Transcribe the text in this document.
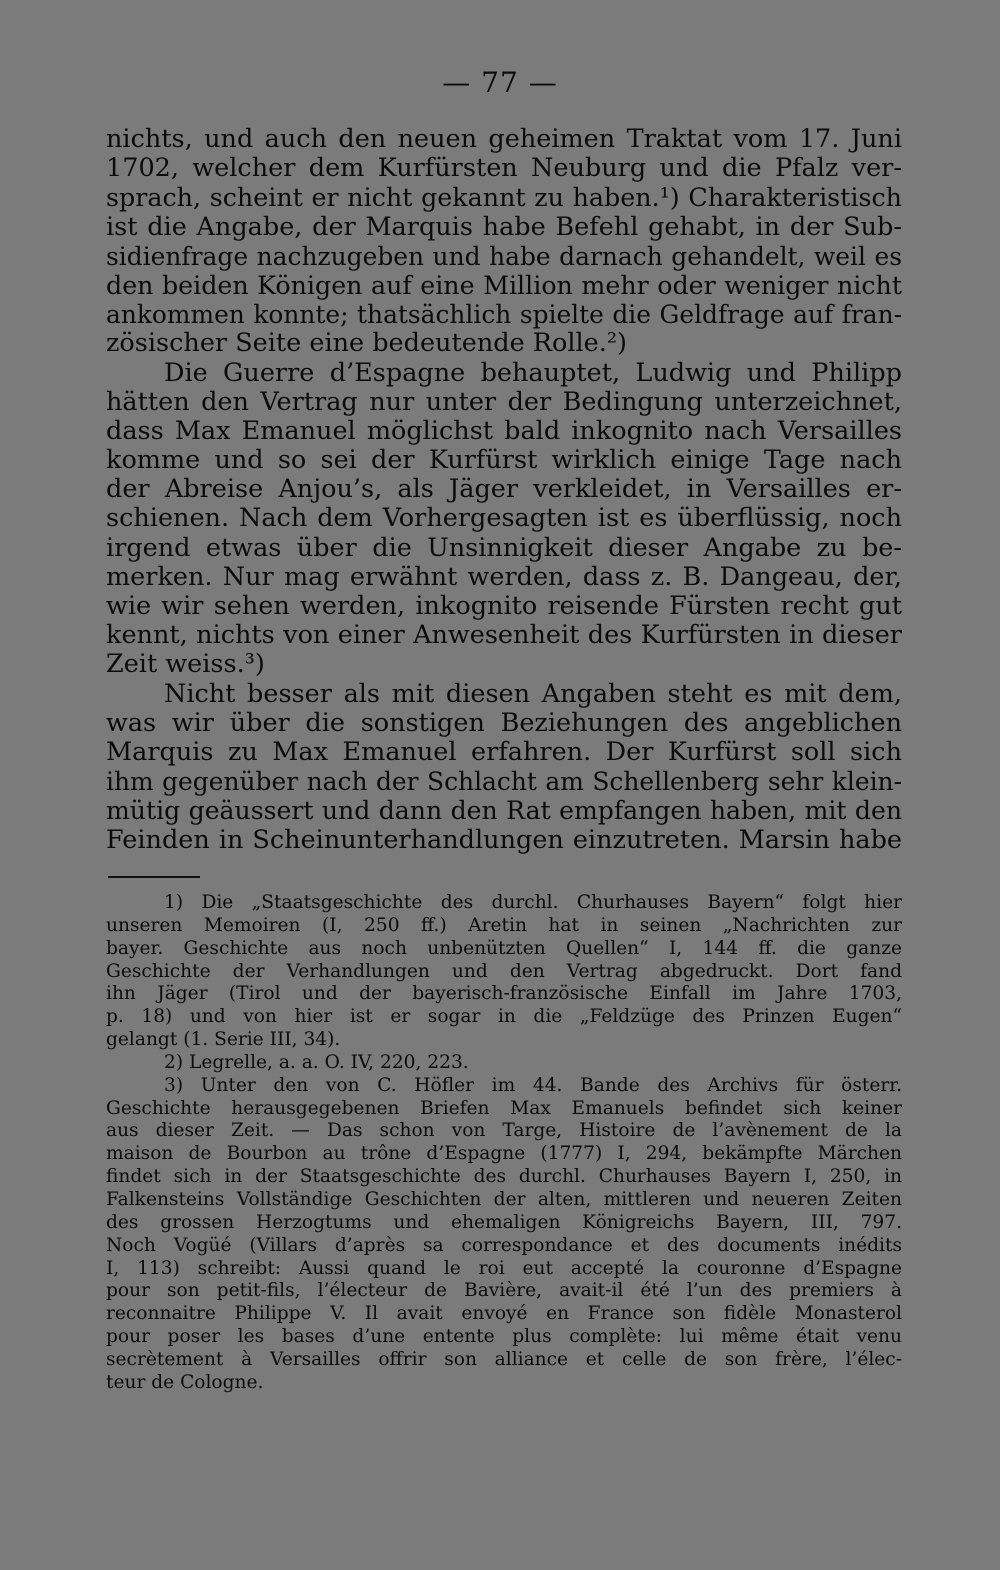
— 77 —
nichts, und auch den neuen geheimen Traktat vom 17. Juni
1702, welcher dem Kurfürsten Neuburg und die Pfalz ver-
sprach, scheint er nicht gekannt zu haben.¹) Charakteristisch
ist die Angabe, der Marquis habe Befehl gehabt, in der Sub-
sidienfrage nachzugeben und habe darnach gehandelt, weil es
den beiden Königen auf eine Million mehr oder weniger nicht
ankommen konnte; thatsächlich spielte die Geldfrage auf fran-
zösischer Seite eine bedeutende Rolle.²)
Die Guerre d’Espagne behauptet, Ludwig und Philipp
hätten den Vertrag nur unter der Bedingung unterzeichnet,
dass Max Emanuel möglichst bald inkognito nach Versailles
komme und so sei der Kurfürst wirklich einige Tage nach
der Abreise Anjou’s, als Jäger verkleidet, in Versailles er-
schienen. Nach dem Vorhergesagten ist es überflüssig, noch
irgend etwas über die Unsinnigkeit dieser Angabe zu be-
merken. Nur mag erwähnt werden, dass z. B. Dangeau, der,
wie wir sehen werden, inkognito reisende Fürsten recht gut
kennt, nichts von einer Anwesenheit des Kurfürsten in dieser
Zeit weiss.³)
Nicht besser als mit diesen Angaben steht es mit dem,
was wir über die sonstigen Beziehungen des angeblichen
Marquis zu Max Emanuel erfahren. Der Kurfürst soll sich
ihm gegenüber nach der Schlacht am Schellenberg sehr klein-
mütig geäussert und dann den Rat empfangen haben, mit den
Feinden in Scheinunterhandlungen einzutreten. Marsin habe
1) Die „Staatsgeschichte des durchl. Churhauses Bayern“ folgt hier
unseren Memoiren (I, 250 ff.) Aretin hat in seinen „Nachrichten zur
bayer. Geschichte aus noch unbenützten Quellen“ I, 144 ff. die ganze
Geschichte der Verhandlungen und den Vertrag abgedruckt. Dort fand
ihn Jäger (Tirol und der bayerisch-französische Einfall im Jahre 1703,
p. 18) und von hier ist er sogar in die „Feldzüge des Prinzen Eugen“
gelangt (1. Serie III, 34).
2) Legrelle, a. a. O. IV, 220, 223.
3) Unter den von C. Höfler im 44. Bande des Archivs für österr.
Geschichte herausgegebenen Briefen Max Emanuels befindet sich keiner
aus dieser Zeit. — Das schon von Targe, Histoire de l’avènement de la
maison de Bourbon au trône d’Espagne (1777) I, 294, bekämpfte Märchen
findet sich in der Staatsgeschichte des durchl. Churhauses Bayern I, 250, in
Falkensteins Vollständige Geschichten der alten, mittleren und neueren Zeiten
des grossen Herzogtums und ehemaligen Königreichs Bayern, III, 797.
Noch Vogüé (Villars d’après sa correspondance et des documents inédits
I, 113) schreibt: Aussi quand le roi eut accepté la couronne d’Espagne
pour son petit-fils, l’électeur de Bavière, avait-il été l’un des premiers à
reconnaitre Philippe V. Il avait envoyé en France son fidèle Monasterol
pour poser les bases d’une entente plus complète: lui même était venu
secrètement à Versailles offrir son alliance et celle de son frère, l’élec-
teur de Cologne.
